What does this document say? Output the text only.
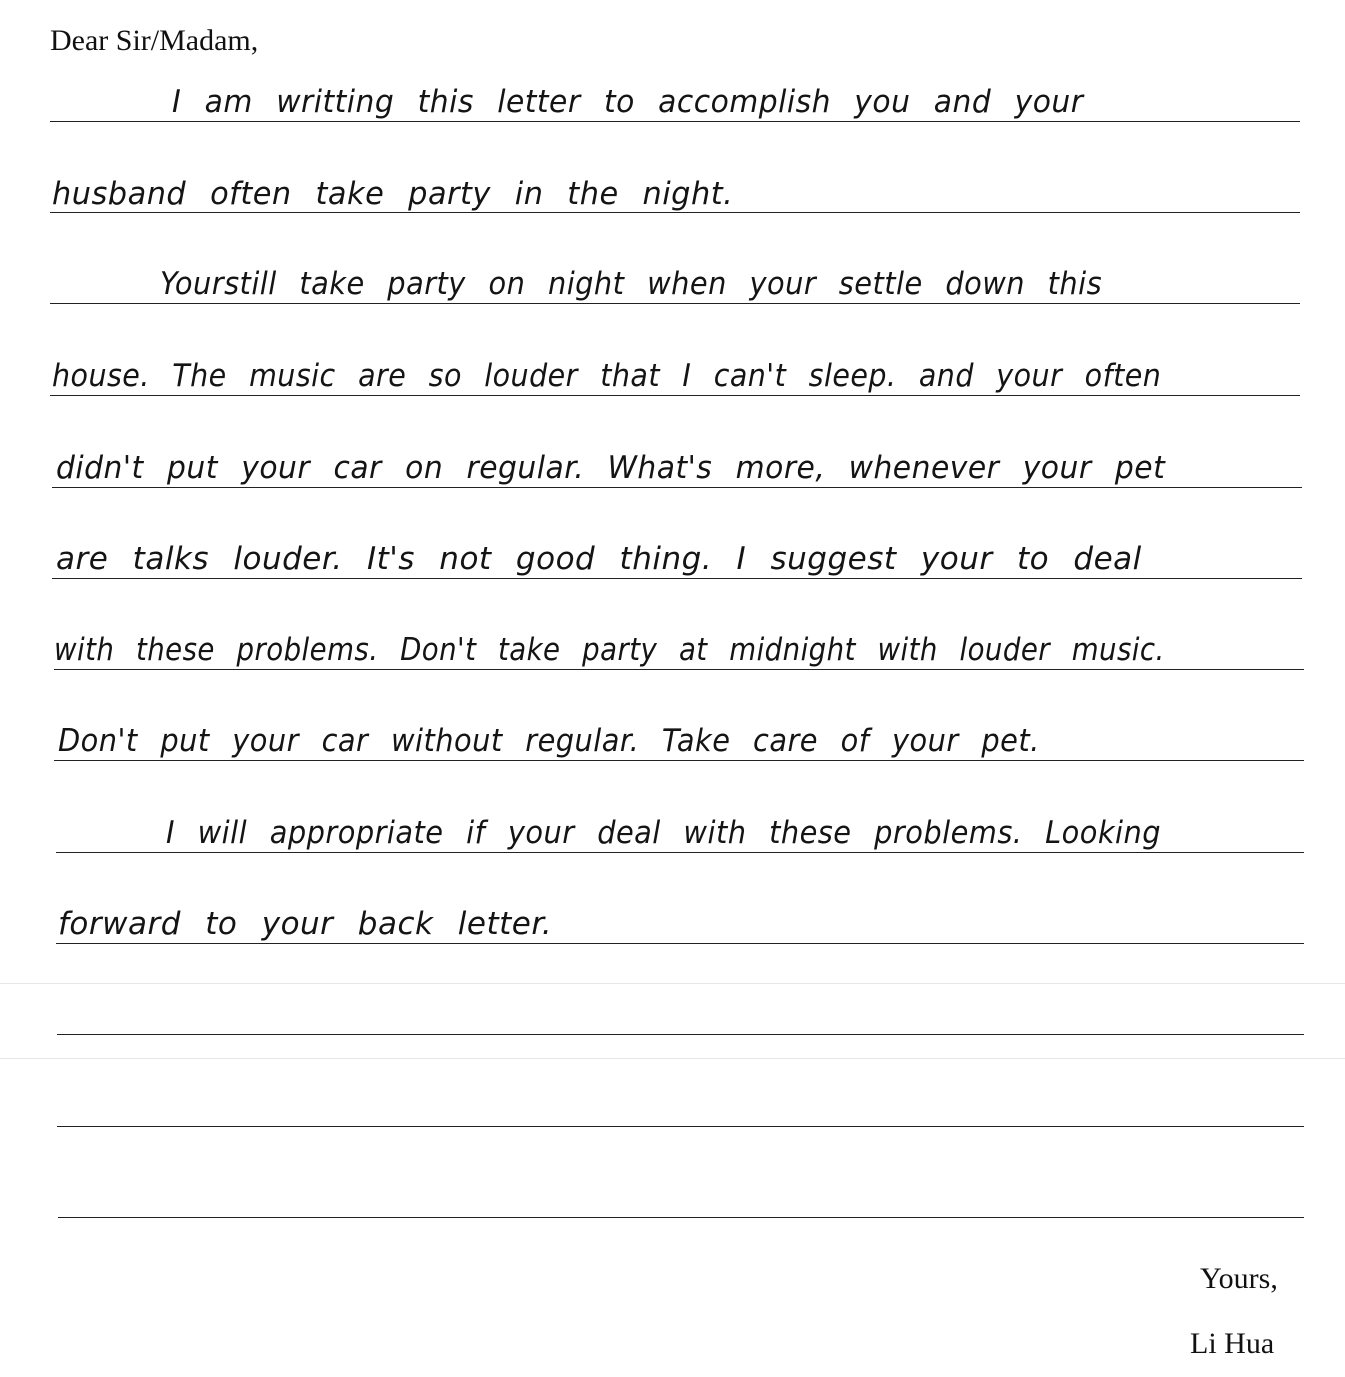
Dear Sir/Madam,
I am writting this letter to accomplish you and your
husband often take party in the night.
Yourstill take party on night when your settle down this
house. The music are so louder that I can't sleep. and your often
didn't put your car on regular. What's more, whenever your pet
are talks louder. It's not good thing. I suggest your to deal
with these problems. Don't take party at midnight with louder music.
Don't put your car without regular. Take care of your pet.
I will appropriate if your deal with these problems. Looking
forward to your back letter.
Yours,
Li Hua
